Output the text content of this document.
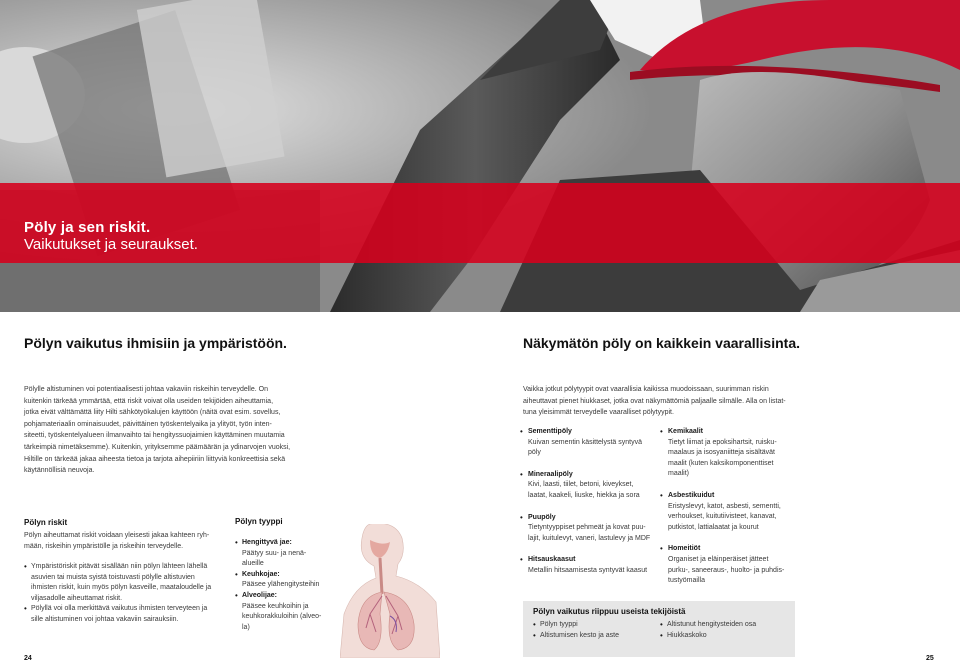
Pöly ja sen riskit.
Vaikutukset ja seuraukset.
Pölyn vaikutus ihmisiin ja ympäristöön.

Pölylle altistuminen voi potentiaalisesti johtaa vakaviin riskeihin terveydelle. On

kuitenkin tärkeää ymmärtää, että riskit voivat olla useiden tekijöiden aiheuttamia,

jotka eivät välttämättä liity Hilti sähkötyökalujen käyttöön (näitä ovat esim. sovellus,

pohjamateriaalin ominaisuudet, päivittäinen työskentelyaika ja ylityöt, työn inten-

siteetti, työskentelyalueen ilmanvaihto tai hengityssuojaimien käyttäminen muutamia

tärkeimpiä nimetäksemme). Kuitenkin, yrityksemme päämäärän ja ydinarvojen vuoksi,

Hiltille on tärkeää jakaa aiheesta tietoa ja tarjota aihepiiriin liittyviä konkreettisia sekä

käytännöllisiä neuvoja.

Pölyn riskit

Pölyn aiheuttamat riskit voidaan yleisesti jakaa kahteen ryh-

mään, riskeihin ympäristölle ja riskeihin terveydelle.

• Ympäristöriskit pitävät sisällään niin pölyn lähteen lähellä
asuvien tai muista syistä toistuvasti pölylle altistuvien
ihmisten riskit, kuin myös pölyn kasveille, maataloudelle ja
viljasadolle aiheuttamat riskit.
• Pölyllä voi olla merkittävä vaikutus ihmisten terveyteen ja
sille altistuminen voi johtaa vakaviin sairauksiin.
Pölyn tyyppi
• Hengittyvä jae:
Päätyy suu- ja nenä-
alueille
• Keuhkojae:
Pääsee ylähengitysteihin
• Alveolijae:
Pääsee keuhkoihin ja
keuhkorakkuloihin (alveo-
la)
24
Näkymätön pöly on kaikkein vaarallisinta.

Vaikka jotkut pölytyypit ovat vaarallisia kaikissa muodoissaan, suurimman riskin

aiheuttavat pienet hiukkaset, jotka ovat näkymättömiä paljaalle silmälle. Alla on listat-

tuna yleisimmät terveydelle vaaralliset pölytyypit.

• Sementtipöly
Kuivan sementin käsittelystä syntyvä
pöly
• Mineraalipöly
Kivi, laasti, tiilet, betoni, kiveykset,
laatat, kaakeli, liuske, hiekka ja sora
• Puupöly
Tietyntyyppiset pehmeät ja kovat puu-
lajit, kuitulevyt, vaneri, lastulevy ja MDF
• Hitsauskaasut
Metallin hitsaamisesta syntyvät kaasut
• Kemikaalit
Tietyt liimat ja epoksihartsit, ruisku-
maalaus ja isosyaniitteja sisältävät
maalit (kuten kaksikomponenttiset
maalit)
• Asbestikuidut
Eristyslevyt, katot, asbesti, sementti,
verhoukset, kuitutiivisteet, kanavat,
putkistot, lattialaatat ja kourut
• Homeitiöt
Organiset ja eläinperäiset jätteet
purku-, saneeraus-, huolto- ja puhdis-
tustyömailla
Pölyn vaikutus riippuu useista tekijöistä
• Pölyn tyyppi
• Altistumisen kesto ja aste
• Altistunut hengitysteiden osa
• Hiukkaskoko
25
